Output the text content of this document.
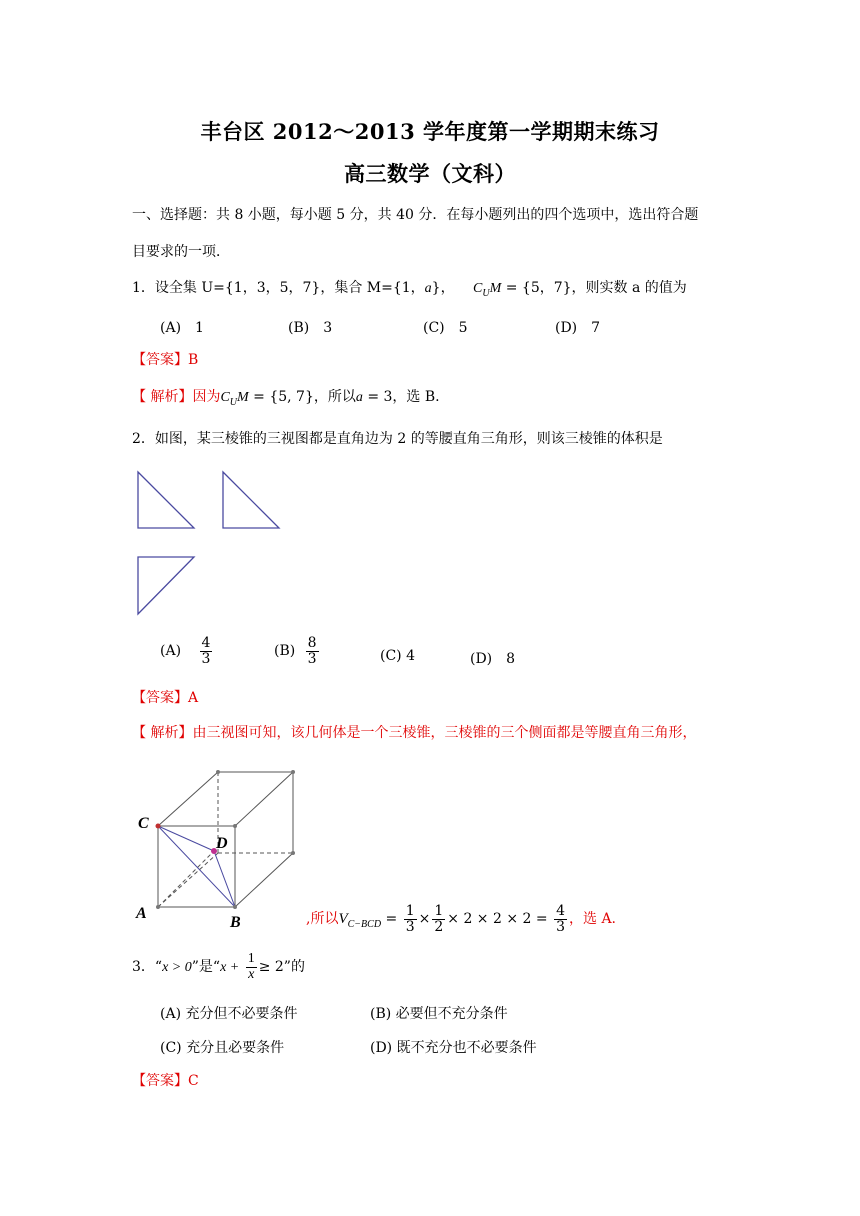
丰台区 2012～2013 学年度第一学期期末练习
高三数学（文科）
一、选择题：共 8 小题，每小题 5 分，共 40 分．在每小题列出的四个选项中，选出符合题
目要求的一项．
1．设全集 U={1，3，5，7}，集合 M={1，a}， $C_UM = \{5$，7}，则实数 a 的值为
(A)　1	(B)　3	(C)　5	(D)　7
【答案】B
【 解析】因为$C_UM = \{5$, 7}，所以a = 3，选 B.
2．如图，某三棱锥的三视图都是直角边为 2 的等腰直角三角形，则该三棱锥的体积是
$(A) \frac{4}{3}$	$(B) \frac{8}{3}$	(C) 4	(D)　8
【答案】A
【 解析】由三视图可知，该几何体是一个三棱锥，三棱锥的三个侧面都是等腰直角三角形，
C
D
A
B	,所以$V_{C-BCD} = \frac{1}{3} \times \frac{1}{2} \times 2 \times 2 \times 2 = \frac{4}{3}$ ，选 A.
3．“x > 0”是“$x + \frac{1}{x} \ge 2$”的
(A) 充分但不必要条件	(B) 必要但不充分条件
(C) 充分且必要条件	(D) 既不充分也不必要条件
【答案】C
